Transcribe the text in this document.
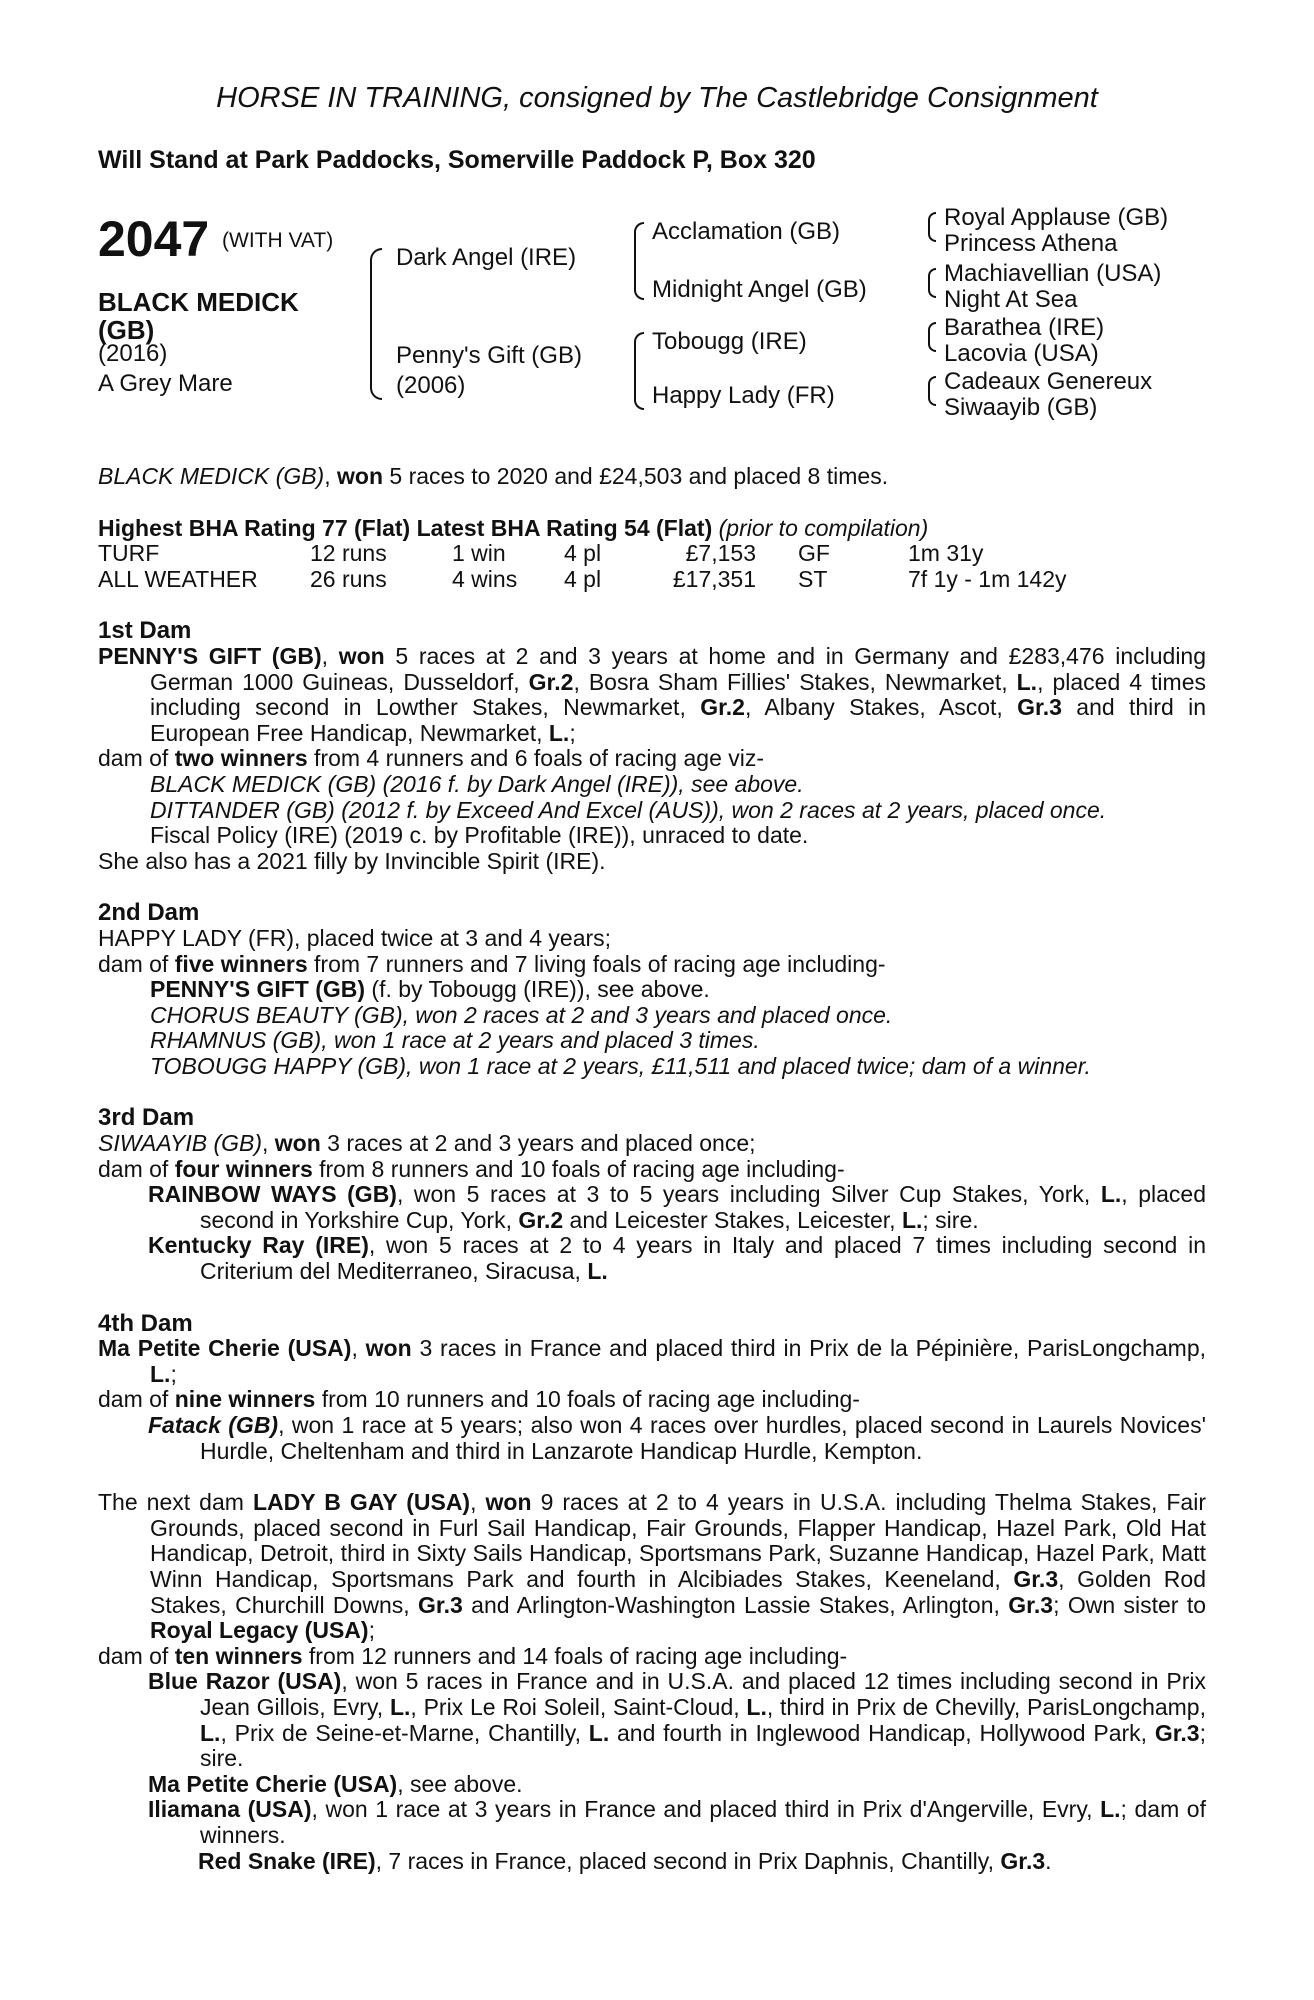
HORSE IN TRAINING, consigned by The Castlebridge Consignment
Will Stand at Park Paddocks, Somerville Paddock P, Box 320
2047 (WITH VAT)
BLACK MEDICK (GB)
(2016)
A Grey Mare
Dark Angel (IRE)
Penny's Gift (GB)
(2006)
Acclamation (GB)
Midnight Angel (GB)
Tobougg (IRE)
Happy Lady (FR)
Royal Applause (GB)
Princess Athena
Machiavellian (USA)
Night At Sea
Barathea (IRE)
Lacovia (USA)
Cadeaux Genereux
Siwaayib (GB)

BLACK MEDICK (GB), won 5 races to 2020 and £24,503 and placed 8 times.

Highest BHA Rating 77 (Flat) Latest BHA Rating 54 (Flat) (prior to compilation)

TURF	12 runs	1 win	4 pl	£7,153	GF	1m 31y
ALL WEATHER	26 runs	4 wins	4 pl	£17,351	ST	7f 1y - 1m 142y

1st Dam

PENNY'S GIFT (GB), won 5 races at 2 and 3 years at home and in Germany and £283,476 including German 1000 Guineas, Dusseldorf, Gr.2, Bosra Sham Fillies' Stakes, Newmarket, L., placed 4 times including second in Lowther Stakes, Newmarket, Gr.2, Albany Stakes, Ascot, Gr.3 and third in European Free Handicap, Newmarket, L.;

dam of two winners from 4 runners and 6 foals of racing age viz-

BLACK MEDICK (GB) (2016 f. by Dark Angel (IRE)), see above.

DITTANDER (GB) (2012 f. by Exceed And Excel (AUS)), won 2 races at 2 years, placed once.

Fiscal Policy (IRE) (2019 c. by Profitable (IRE)), unraced to date.

She also has a 2021 filly by Invincible Spirit (IRE).

2nd Dam

HAPPY LADY (FR), placed twice at 3 and 4 years;

dam of five winners from 7 runners and 7 living foals of racing age including-

PENNY'S GIFT (GB) (f. by Tobougg (IRE)), see above.

CHORUS BEAUTY (GB), won 2 races at 2 and 3 years and placed once.

RHAMNUS (GB), won 1 race at 2 years and placed 3 times.

TOBOUGG HAPPY (GB), won 1 race at 2 years, £11,511 and placed twice; dam of a winner.

3rd Dam

SIWAAYIB (GB), won 3 races at 2 and 3 years and placed once;

dam of four winners from 8 runners and 10 foals of racing age including-

RAINBOW WAYS (GB), won 5 races at 3 to 5 years including Silver Cup Stakes, York, L., placed second in Yorkshire Cup, York, Gr.2 and Leicester Stakes, Leicester, L.; sire.

Kentucky Ray (IRE), won 5 races at 2 to 4 years in Italy and placed 7 times including second in Criterium del Mediterraneo, Siracusa, L.

4th Dam

Ma Petite Cherie (USA), won 3 races in France and placed third in Prix de la Pépinière, ParisLongchamp, L.;

dam of nine winners from 10 runners and 10 foals of racing age including-

Fatack (GB), won 1 race at 5 years; also won 4 races over hurdles, placed second in Laurels Novices' Hurdle, Cheltenham and third in Lanzarote Handicap Hurdle, Kempton.

The next dam LADY B GAY (USA), won 9 races at 2 to 4 years in U.S.A. including Thelma Stakes, Fair Grounds, placed second in Furl Sail Handicap, Fair Grounds, Flapper Handicap, Hazel Park, Old Hat Handicap, Detroit, third in Sixty Sails Handicap, Sportsmans Park, Suzanne Handicap, Hazel Park, Matt Winn Handicap, Sportsmans Park and fourth in Alcibiades Stakes, Keeneland, Gr.3, Golden Rod Stakes, Churchill Downs, Gr.3 and Arlington-Washington Lassie Stakes, Arlington, Gr.3; Own sister to Royal Legacy (USA);

dam of ten winners from 12 runners and 14 foals of racing age including-

Blue Razor (USA), won 5 races in France and in U.S.A. and placed 12 times including second in Prix Jean Gillois, Evry, L., Prix Le Roi Soleil, Saint-Cloud, L., third in Prix de Chevilly, ParisLongchamp, L., Prix de Seine-et-Marne, Chantilly, L. and fourth in Inglewood Handicap, Hollywood Park, Gr.3; sire.

Ma Petite Cherie (USA), see above.

Iliamana (USA), won 1 race at 3 years in France and placed third in Prix d'Angerville, Evry, L.; dam of winners.

Red Snake (IRE), 7 races in France, placed second in Prix Daphnis, Chantilly, Gr.3.
